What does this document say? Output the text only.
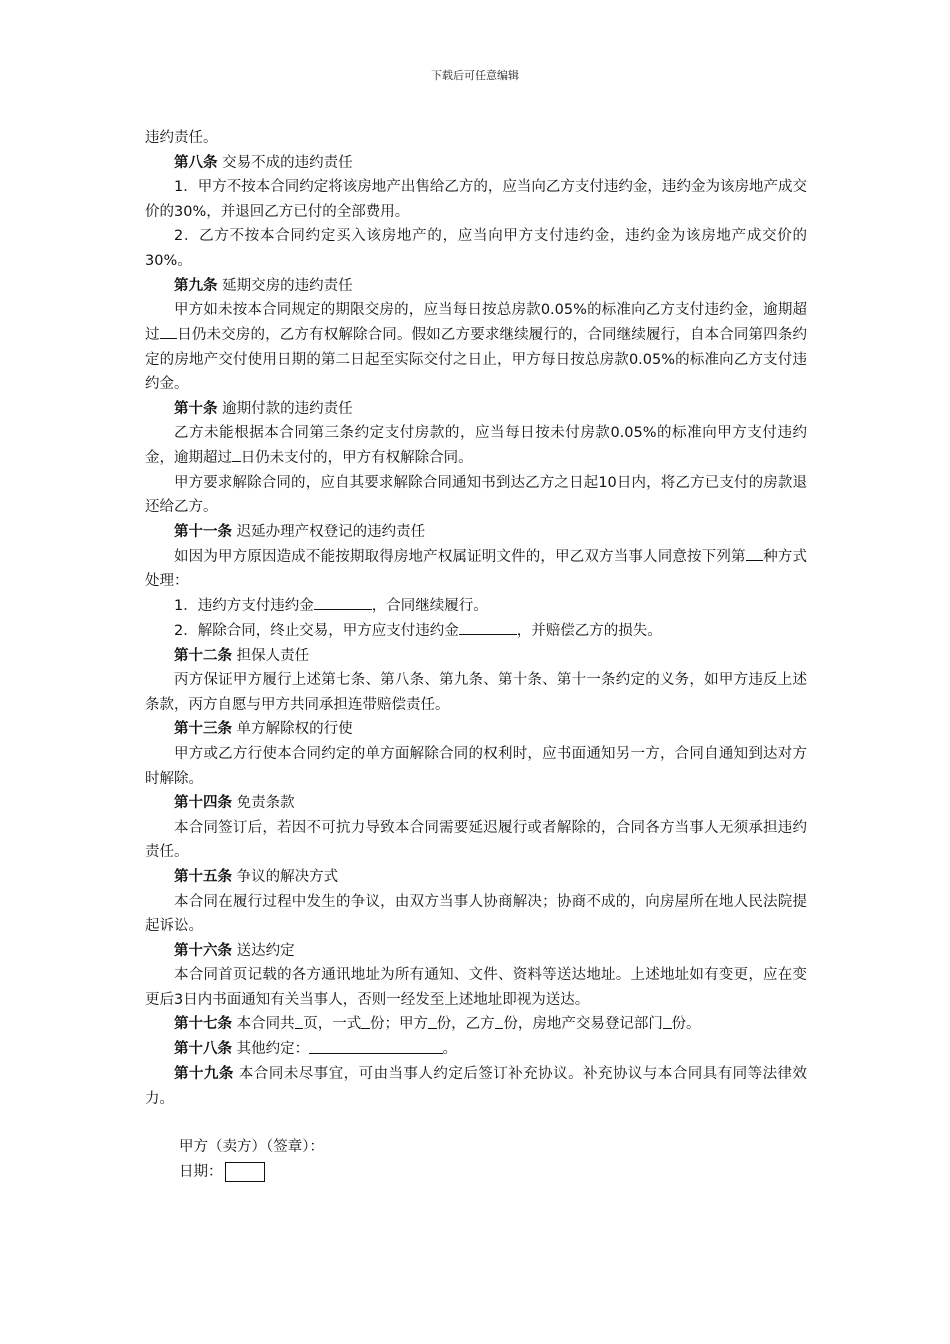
下载后可任意编辑

违约责任。

第八条 交易不成的违约责任

1．甲方不按本合同约定将该房地产出售给乙方的，应当向乙方支付违约金，违约金为该房地产成交价的30%，并退回乙方已付的全部费用。

2．乙方不按本合同约定买入该房地产的，应当向甲方支付违约金，违约金为该房地产成交价的30%。

第九条 延期交房的违约责任

甲方如未按本合同规定的期限交房的，应当每日按总房款0.05%的标准向乙方支付违约金，逾期超过 日仍未交房的，乙方有权解除合同。假如乙方要求继续履行的，合同继续履行，自本合同第四条约定的房地产交付使用日期的第二日起至实际交付之日止，甲方每日按总房款0.05%的标准向乙方支付违约金。

第十条 逾期付款的违约责任

乙方未能根据本合同第三条约定支付房款的，应当每日按未付房款0.05%的标准向甲方支付违约金，逾期超过 日仍未支付的，甲方有权解除合同。

甲方要求解除合同的，应自其要求解除合同通知书到达乙方之日起10日内，将乙方已支付的房款退还给乙方。

第十一条 迟延办理产权登记的违约责任

如因为甲方原因造成不能按期取得房地产权属证明文件的，甲乙双方当事人同意按下列第 种方式处理：

1．违约方支付违约金	，合同继续履行。

2．解除合同，终止交易，甲方应支付违约金	，并赔偿乙方的损失。

第十二条 担保人责任

丙方保证甲方履行上述第七条、第八条、第九条、第十条、第十一条约定的义务，如甲方违反上述条款，丙方自愿与甲方共同承担连带赔偿责任。

第十三条 单方解除权的行使

甲方或乙方行使本合同约定的单方面解除合同的权利时，应书面通知另一方，合同自通知到达对方时解除。

第十四条 免责条款

本合同签订后，若因不可抗力导致本合同需要延迟履行或者解除的，合同各方当事人无须承担违约责任。

第十五条 争议的解决方式

本合同在履行过程中发生的争议，由双方当事人协商解决；协商不成的，向房屋所在地人民法院提起诉讼。

第十六条 送达约定

本合同首页记载的各方通讯地址为所有通知、文件、资料等送达地址。上述地址如有变更，应在变更后3日内书面通知有关当事人，否则一经发至上述地址即视为送达。

第十七条 本合同共 页，一式 份；甲方 份，乙方 份，房地产交易登记部门 份。

第十八条 其他约定：	。

第十九条 本合同未尽事宜，可由当事人约定后签订补充协议。补充协议与本合同具有同等法律效力。

甲方（卖方）（签章）：

日期：
